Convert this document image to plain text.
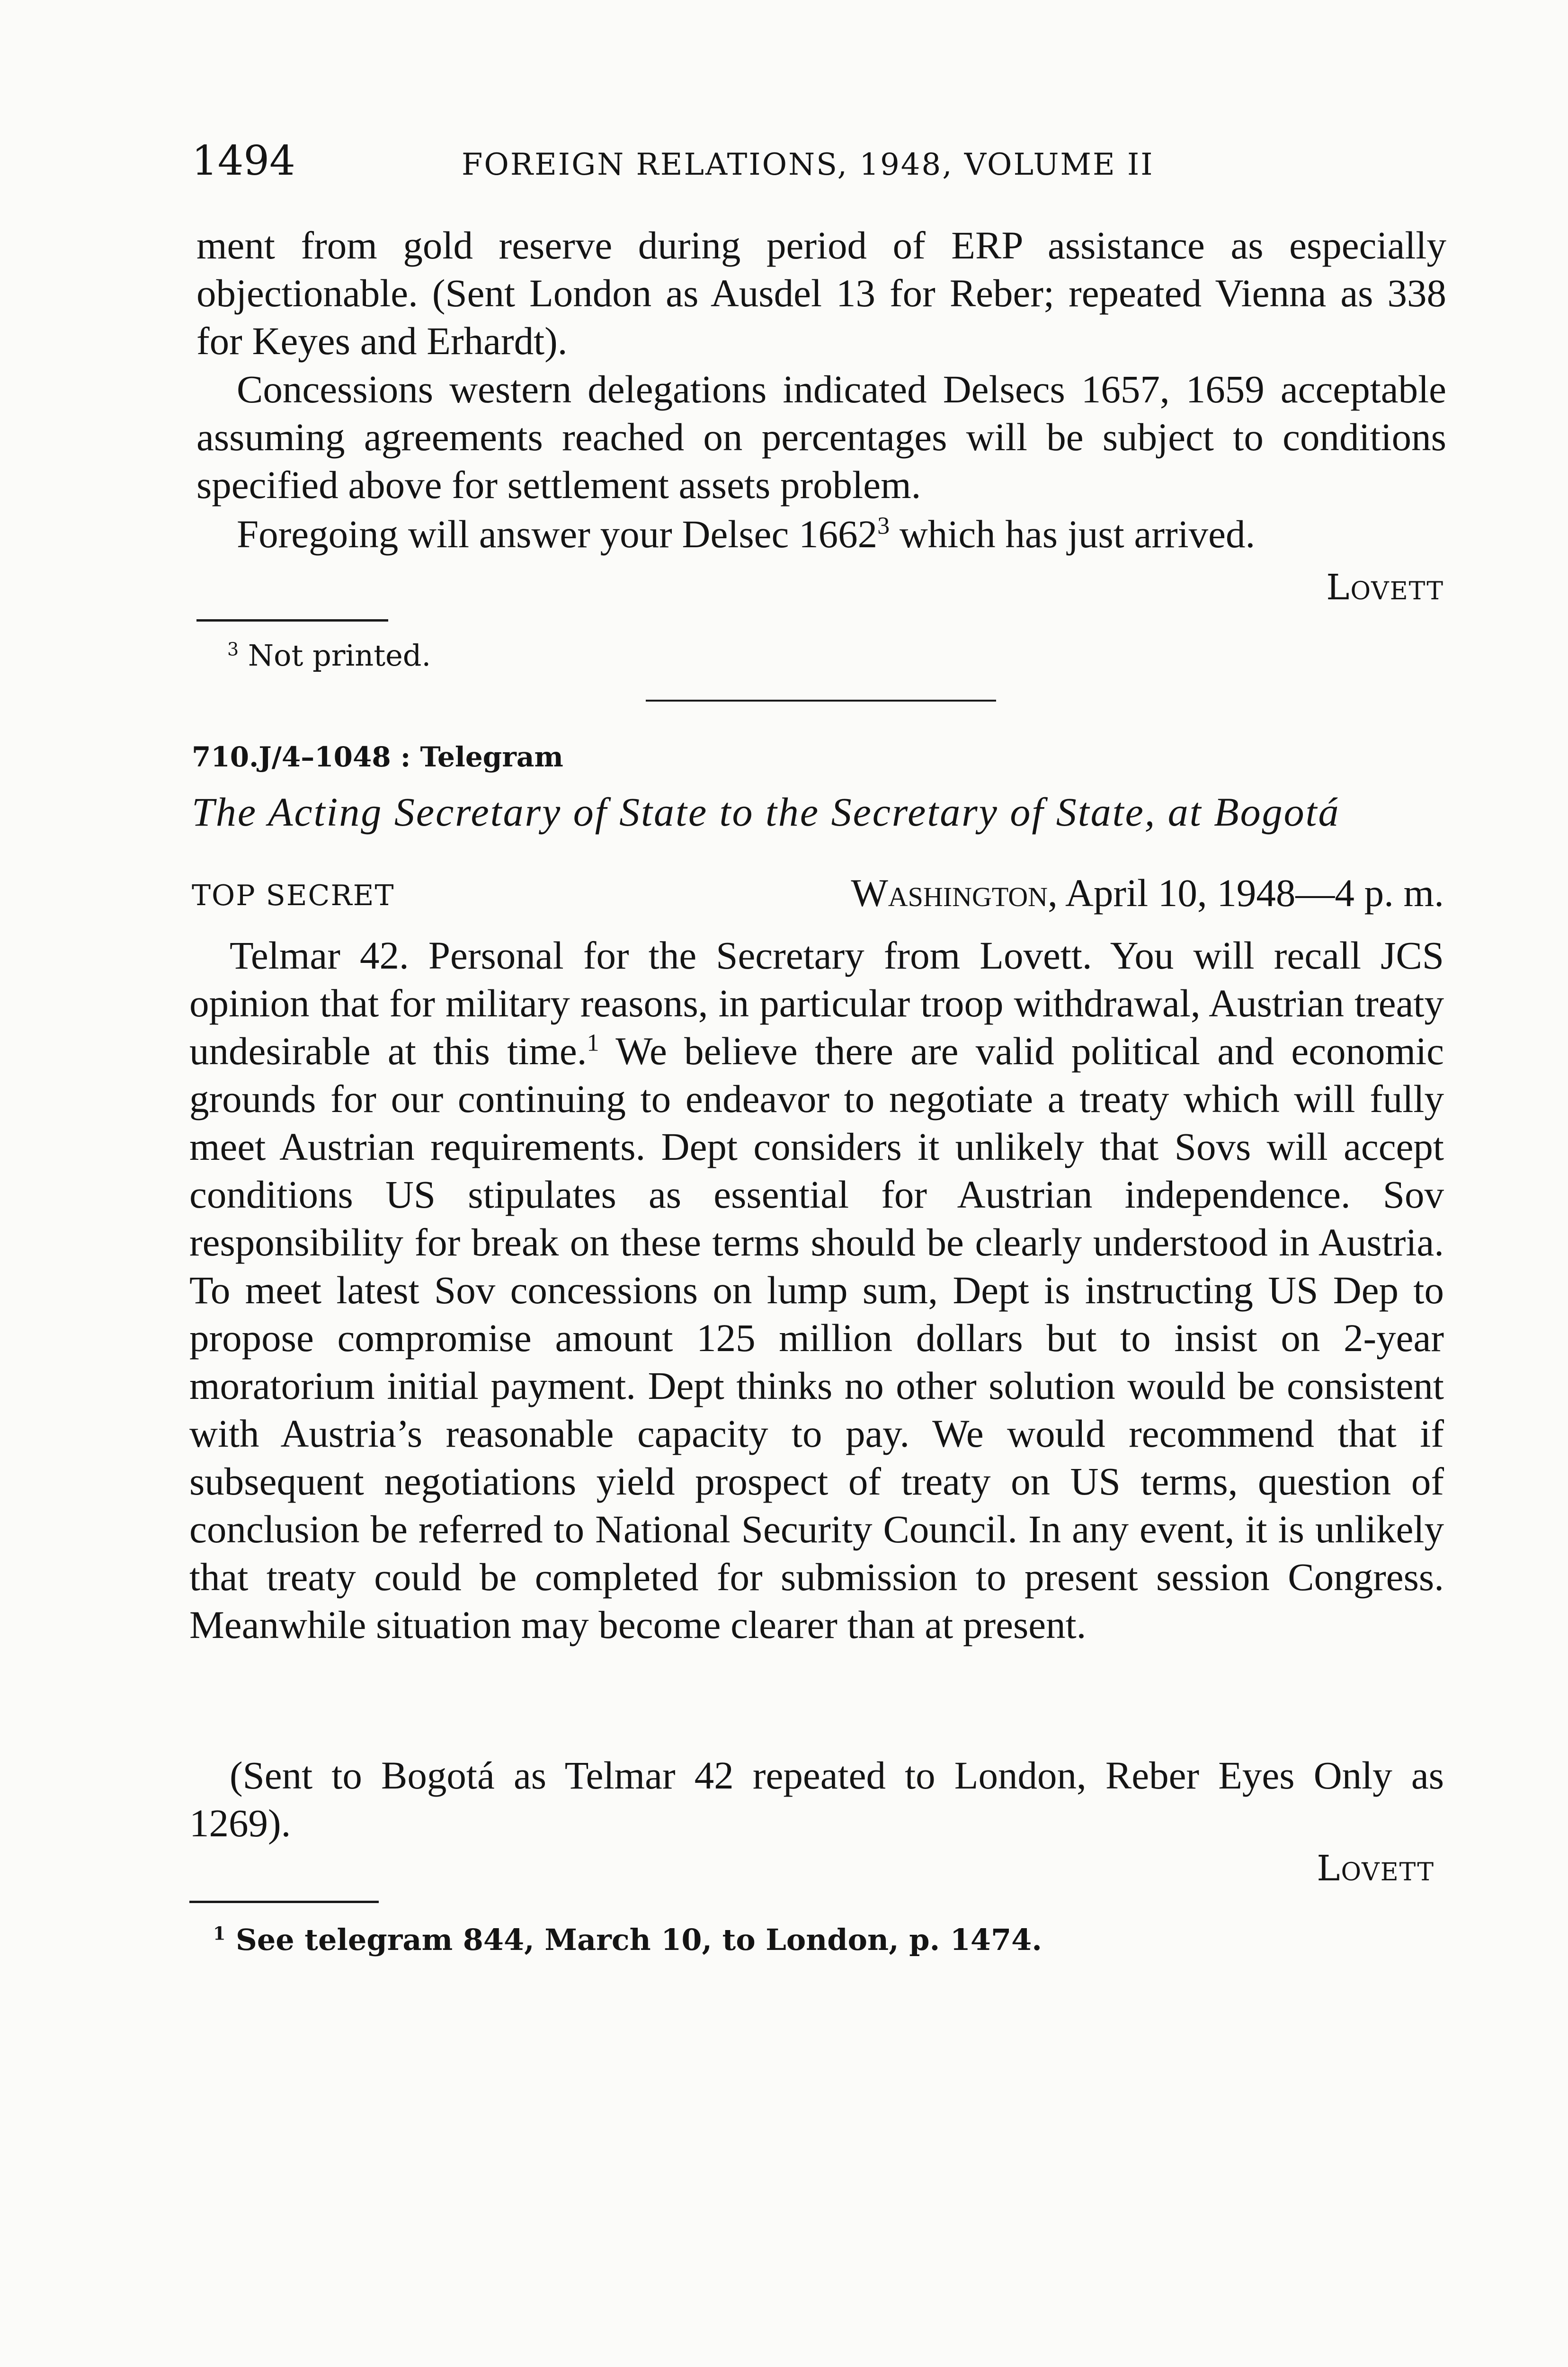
1494	FOREIGN RELATIONS, 1948, VOLUME II

ment from gold reserve during period of ERP assistance as especially objectionable. (Sent London as Ausdel 13 for Reber; repeated Vienna as 338 for Keyes and Erhardt).

Concessions western delegations indicated Delsecs 1657, 1659 acceptable assuming agreements reached on percentages will be subject to conditions specified above for settlement assets problem.

Foregoing will answer your Delsec 1662$^3$ which has just arrived.

Lovett

$^3$ Not printed.

710.J/4–1048 : Telegram

The Acting Secretary of State to the Secretary of State, at Bogotá

TOP SECRET	Washington, April 10, 1948—4 p. m.

Telmar 42. Personal for the Secretary from Lovett. You will recall JCS opinion that for military reasons, in particular troop withdrawal, Austrian treaty undesirable at this time.$^1$ We believe there are valid political and economic grounds for our continuing to endeavor to negotiate a treaty which will fully meet Austrian requirements. Dept considers it unlikely that Sovs will accept conditions US stipulates as essential for Austrian independence. Sov responsibility for break on these terms should be clearly understood in Austria. To meet latest Sov concessions on lump sum, Dept is instructing US Dep to propose compromise amount 125 million dollars but to insist on 2-year moratorium initial payment. Dept thinks no other solution would be consistent with Austria’s reasonable capacity to pay. We would recommend that if subsequent negotiations yield prospect of treaty on US terms, question of conclusion be referred to National Security Council. In any event, it is unlikely that treaty could be completed for submission to present session Congress. Meanwhile situation may become clearer than at present.

(Sent to Bogotá as Telmar 42 repeated to London, Reber Eyes Only as 1269).

Lovett

$^1$ See telegram 844, March 10, to London, p. 1474.
